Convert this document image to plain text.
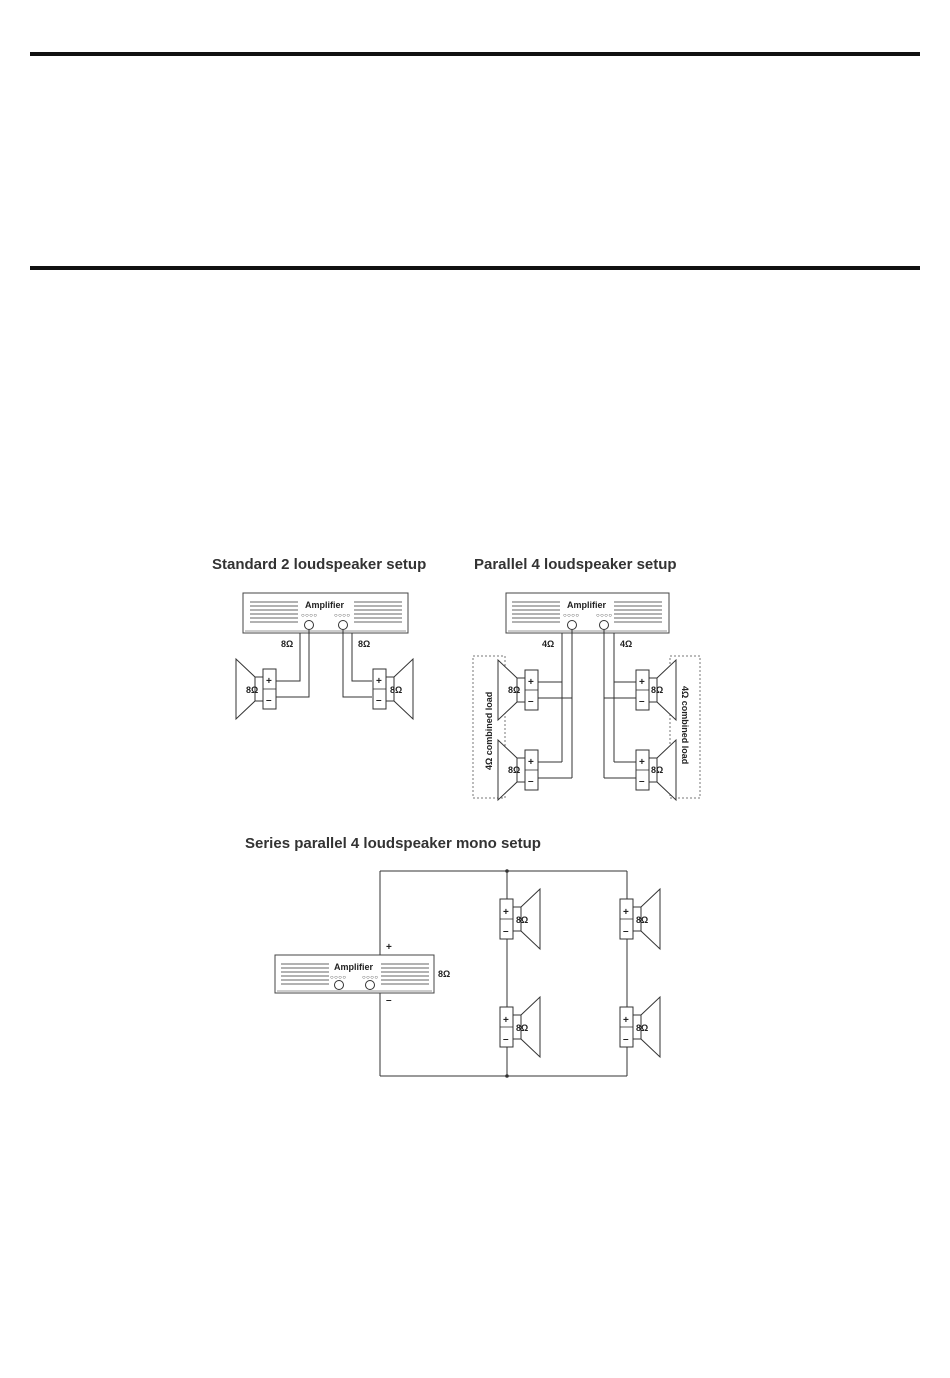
Standard 2 loudspeaker setup	Parallel 4 loudspeaker setup
Series parallel 4 loudspeaker mono setup
Amplifier
○○○○	○○○○
8Ω	8Ω
+
–
8Ω
+
–
8Ω
Amplifier
○○○○	○○○○
4Ω	4Ω
4Ω combined load	4Ω combined load
+
–
+
–
+
–
+
–
8Ω
8Ω
8Ω
8Ω
+
–
Amplifier
○○○○	○○○○	8Ω
+
–
+
–
+
–
+
–
8Ω	8Ω
8Ω	8Ω
